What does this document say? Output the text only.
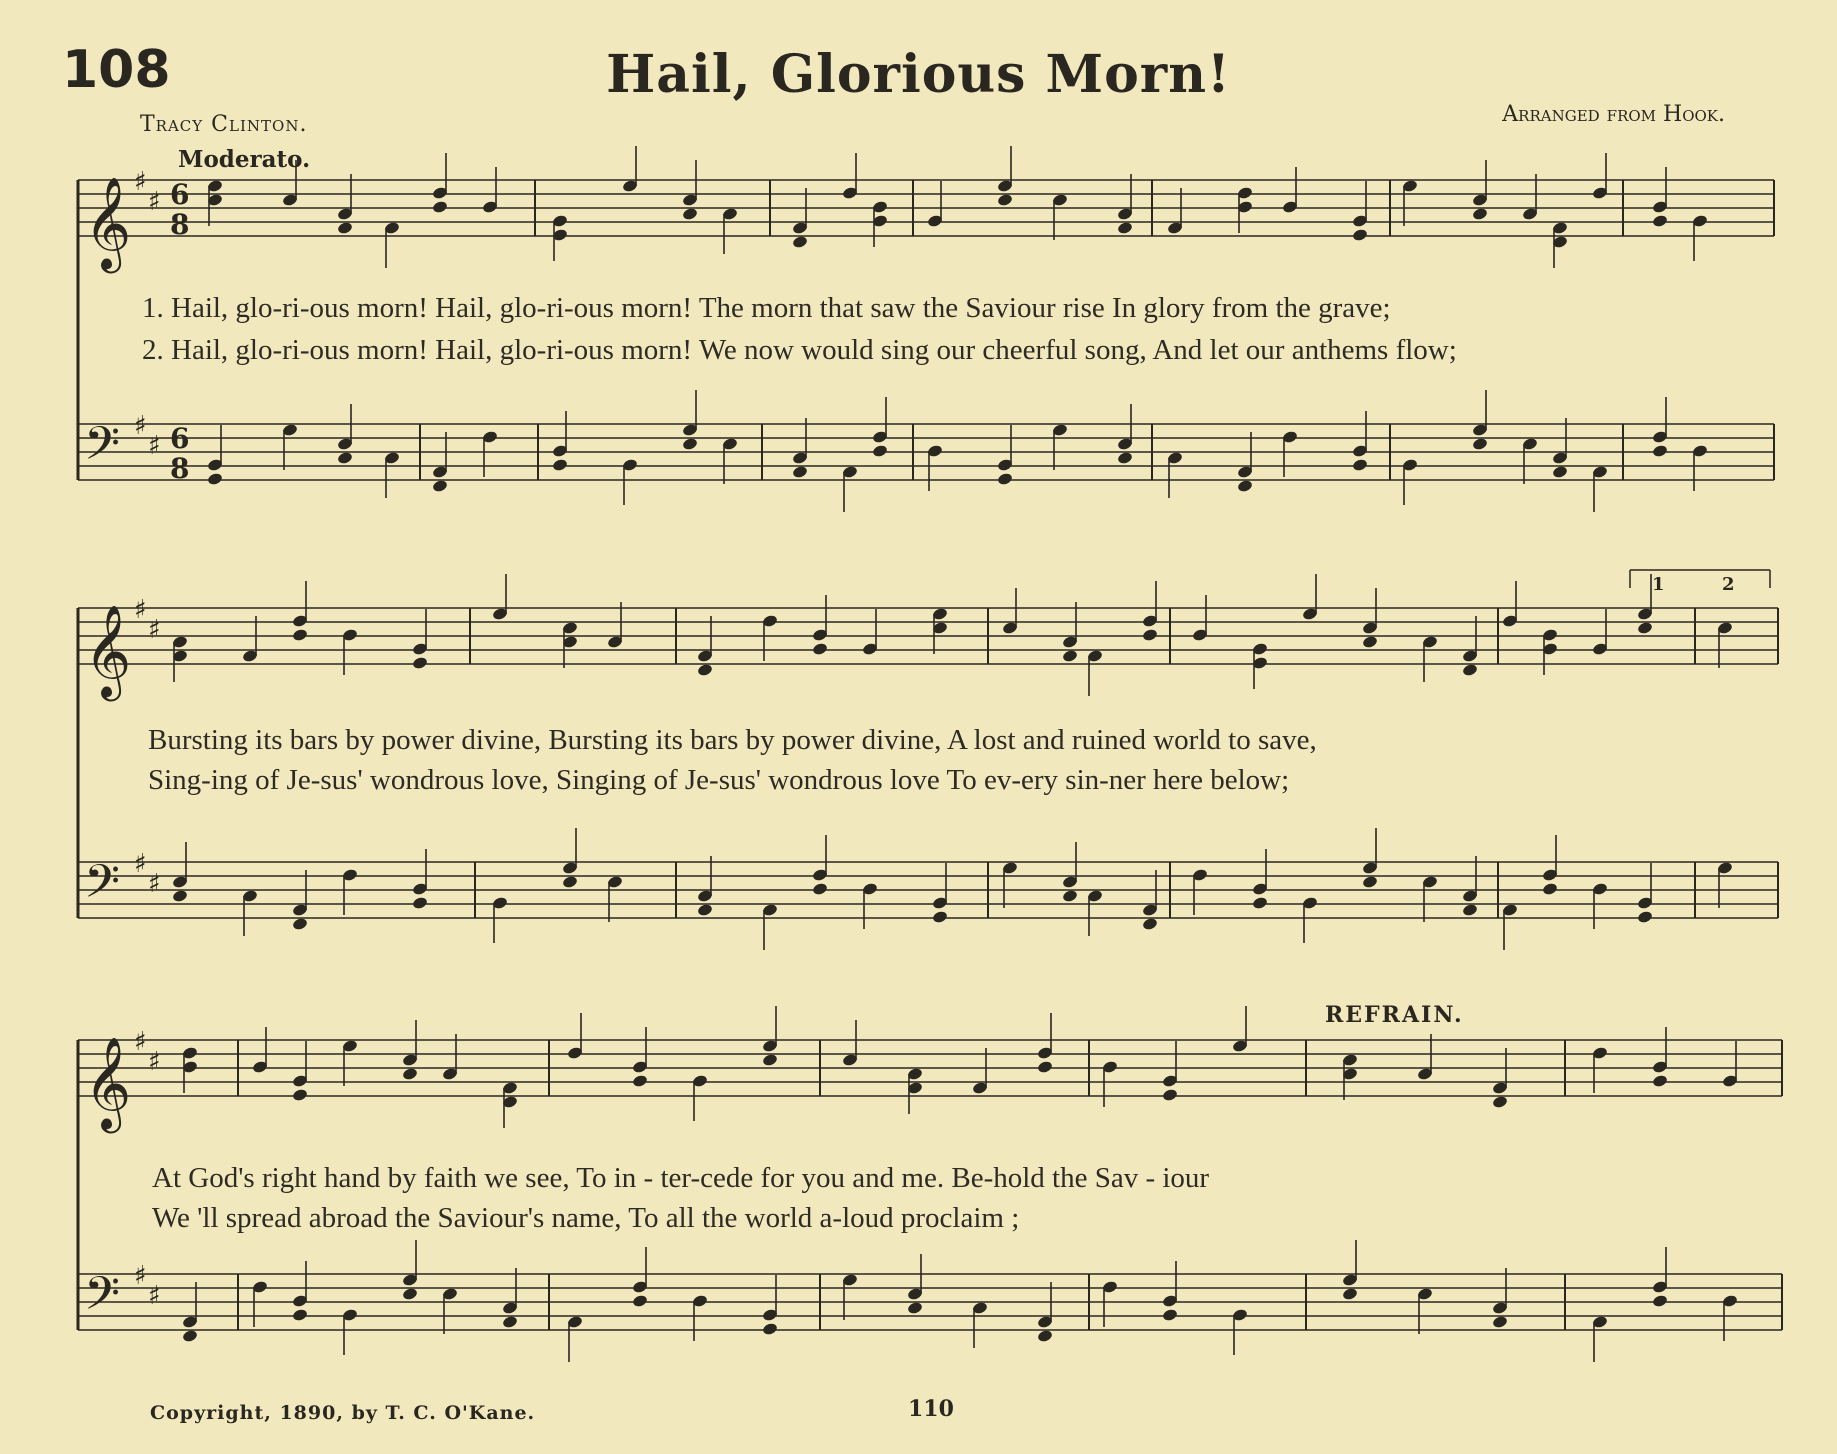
108	Hail, Glorious Morn!
Tracy Clinton.	Arranged from Hook.
Moderato.
REFRAIN.
𝄞 ♯
♯ 6
8
𝄢 ♯
♯ 6
8
𝄞 ♯
♯
𝄢 ♯
♯
𝄞 ♯
♯
𝄢 ♯
♯
1	2
1. Hail, glo-ri-ous morn! Hail, glo-ri-ous morn! The morn that saw the Saviour rise In glory from the grave;
2. Hail, glo-ri-ous morn! Hail, glo-ri-ous morn! We now would sing our cheerful song, And let our anthems flow;
Bursting its bars by power divine, Bursting its bars by power divine, A lost and ruined world to save,
Sing-ing of Je-sus' wondrous love, Singing of Je-sus' wondrous love To ev-ery sin-ner here below;
At God's right hand by faith we see, To in - ter-cede for you and me. Be-hold the Sav - iour
We 'll spread abroad the Saviour's name, To all the world a-loud proclaim ;
Copyright, 1890, by T. C. O'Kane.	110
